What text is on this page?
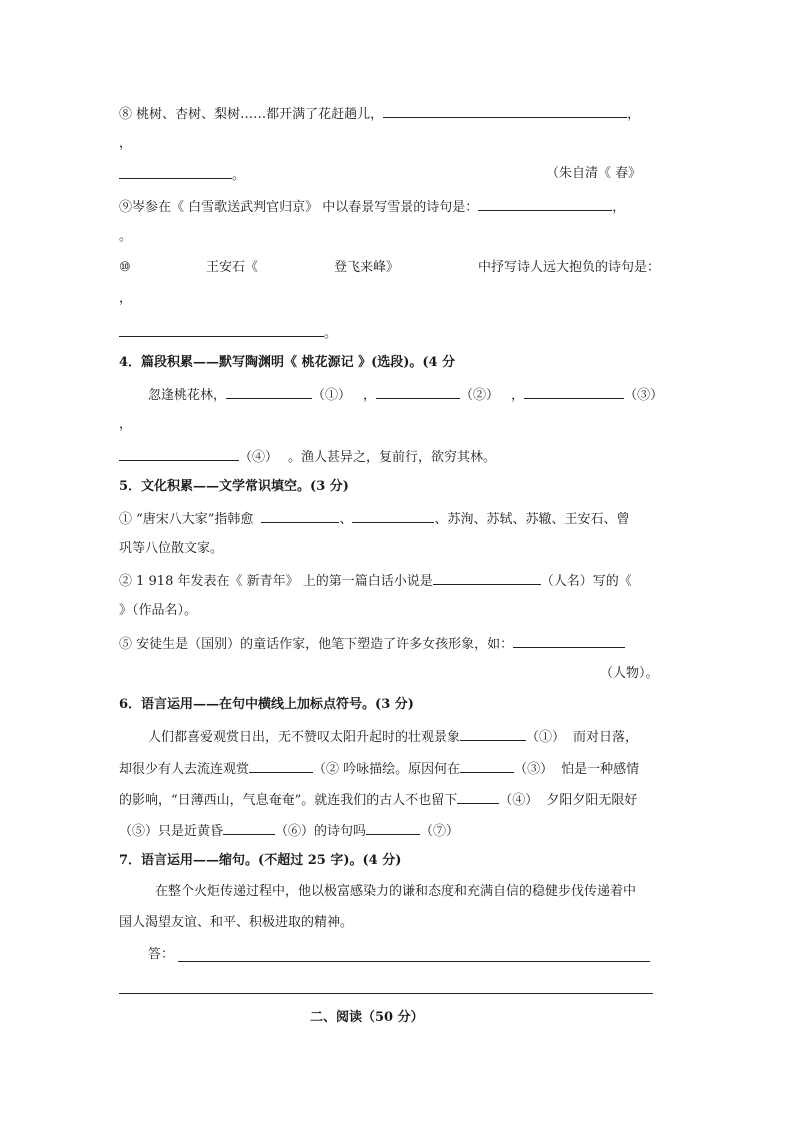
⑧ 桃树、杏树、梨树……都开满了花赶趟儿，	，
，
。	（朱自清《 春》
⑨岑参在《 白雪歌送武判官归京》 中以春景写雪景的诗句是：	，
。
⑩	王安石《	登飞来峰》	中抒写诗人远大抱负的诗句是：
，
。
4．篇段积累——默写陶渊明《 桃花源记 》(选段)。(4 分
忽逢桃花林，	（①） ，	（②） ，	（③）
，
（④） 。渔人甚异之，复前行，欲穷其林。
5．文化积累——文学常识填空。(3 分)
① “唐宋八大家”指韩愈	、	、苏洵、苏轼、苏辙、王安石、曾
巩等八位散文家。
② 1 918 年发表在《 新青年》 上的第一篇白话小说是	（人名）写的《
》（作品名）。
⑤ 安徒生是（国别）的童话作家，他笔下塑造了许多女孩形象，如：
（人物）。
6．语言运用——在句中横线上加标点符号。(3 分)
人们都喜爱观赏日出，无不赞叹太阳升起时的壮观景象	（①） 而对日落，
却很少有人去流连观赏	（② 吟咏描绘。原因何在	（③） 怕是一种感情
的影响，“日薄西山，气息奄奄”。就连我们的古人不也留下	（④） 夕阳夕阳无限好
（⑤）只是近黄昏	（⑥）的诗句吗	（⑦）
7．语言运用——缩句。(不超过 25 字)。(4 分)
在整个火炬传递过程中，他以极富感染力的谦和态度和充满自信的稳健步伐传递着中
国人渴望友谊、和平、积极进取的精神。
答：
二、阅读（50 分）
